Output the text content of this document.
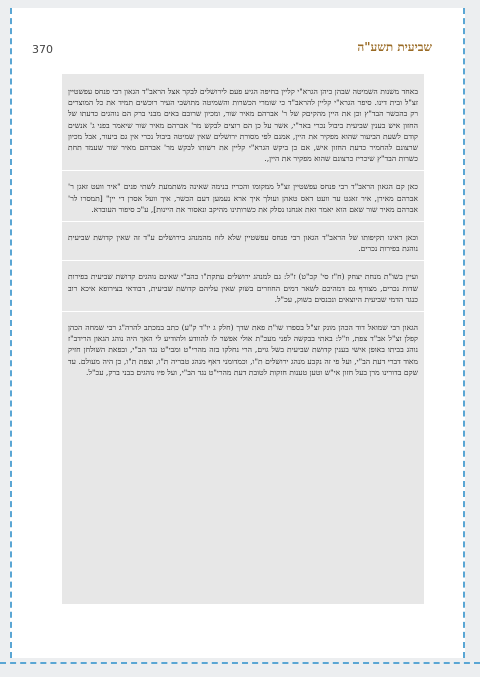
370	שביעית תשע"ה

באחד משנות השמיטה שבהן כיהן הגרא"י קליין בחיפה הגיע פעם לירושלים לבקר אצל הראב"ד הגאון רבי פנחס עפשטיין זצ"ל ובית דינו. סיפר הגרא"י קליין להראב"ד כי שומרי הכשרות והשמיטה מתושבי העיר רוכשים תמיד את כל המוצרים רק בהכשר הבד"ץ וכן את היין מהקיםק של ר' אברהם מאיר שור, ומכיון שרובם באים מבני ברק הם נוהגים כדעתו של החזון איש בענין שביעית ביבול נכרי באר"י, אשר על כן הם רוצים לבקש מר' אברהם מאיר שור שיאמר בפני ג' אנשים קודם לשעת הביעור שהוא מפקיר את היין, אמנם לפי מסורת ירושלים שאין שמיטה ביבול נכרי אין גם ביעור, אבל מכיון שרצונם להחמיר כדעת החזון איש, אם כן ביקש הגרא"י קליין את רשותו לבקש מר' אברהם מאיר שור שעמד תחת כשרות הבד"ץ שיכריז כרצונם שהוא מפקיר את היין,.

כאן קם הגאון הראב"ד רבי פנחס עפשטיין זצ"ל ממקומו והכריז בנימה שאינה משתמעת לשתי פנים "איר וועט זאגן ר' אברהם מאירן, איר זאגט ער וועט דאס טאהן ועולך איך ארא נעמען דעם הכשר, איך וועל אסרן די יין" [תמסרו לר' אברהם מאיר שור שאם הוא יאמר זאת אנחנו נסלק את כשרותינו מהיקב ונאסור את היינות], ע"כ סיפור העובדא.

וכאן ראינו תקיפותו של הראב"ד הגאון רבי פנחס עפשטיין שלא לזוז מהמנהג בירושלים ע"ד זה שאין קדושת שביעית נוהגת בפירות נכרים.

ועיין בשו"ת מנחת יצחק (ח"ז סי' קכ"ט) ז"ל: גם למנהג ירושלים עתקת"ו כהב"י שאינם נוהגים קדושת שביעית בפירות שדות נכרים, מצורף גם דמהיכם לשאר דמים החוזרים בשוק שאין עליהם קדושת שביעית, דבודאי בצירופא איכא רוב כנגד הדמי שביעית היוצאים ונכנסים בשוק, עכ"ל.

הגאון רבי שמואל דוד הכהן מונק זצ"ל בספרו שו"ת פאת שדך (חלק ג יו"ד ק"ע) כתב במכתב להרה"ג רבי שמחה הכהן קפלן זצ"ל אב"ד צפת, וז"ל: באתי בבקשה לפני מעכ"ת אולי אפשר לו להוודע ולהודיע לי האך היה נוהג הגאון הרידב"ז נוהג בביתו באופן אישי בענין קדושת שביעית בשל גוים, הרי נחלקו בזה מהרי"ט ומבי"ט נגד הב"י, ובפאת השולחן חזיק מאוד דברי דעת הב"י, ועל פי זה נקבע מנהג ירושלים ת"ו, וכמדומני דאף מנהג טבריה ת"ו, וצפת ת"ו, כן היה מעולם. עד שקם בדורינו מרן בעל חזון אי"ש וטען טענות חזקות לטובת דעת מהרי"ט נגד הב"י, ועל פיו נוהגים בבני ברק, עכ"ל.
